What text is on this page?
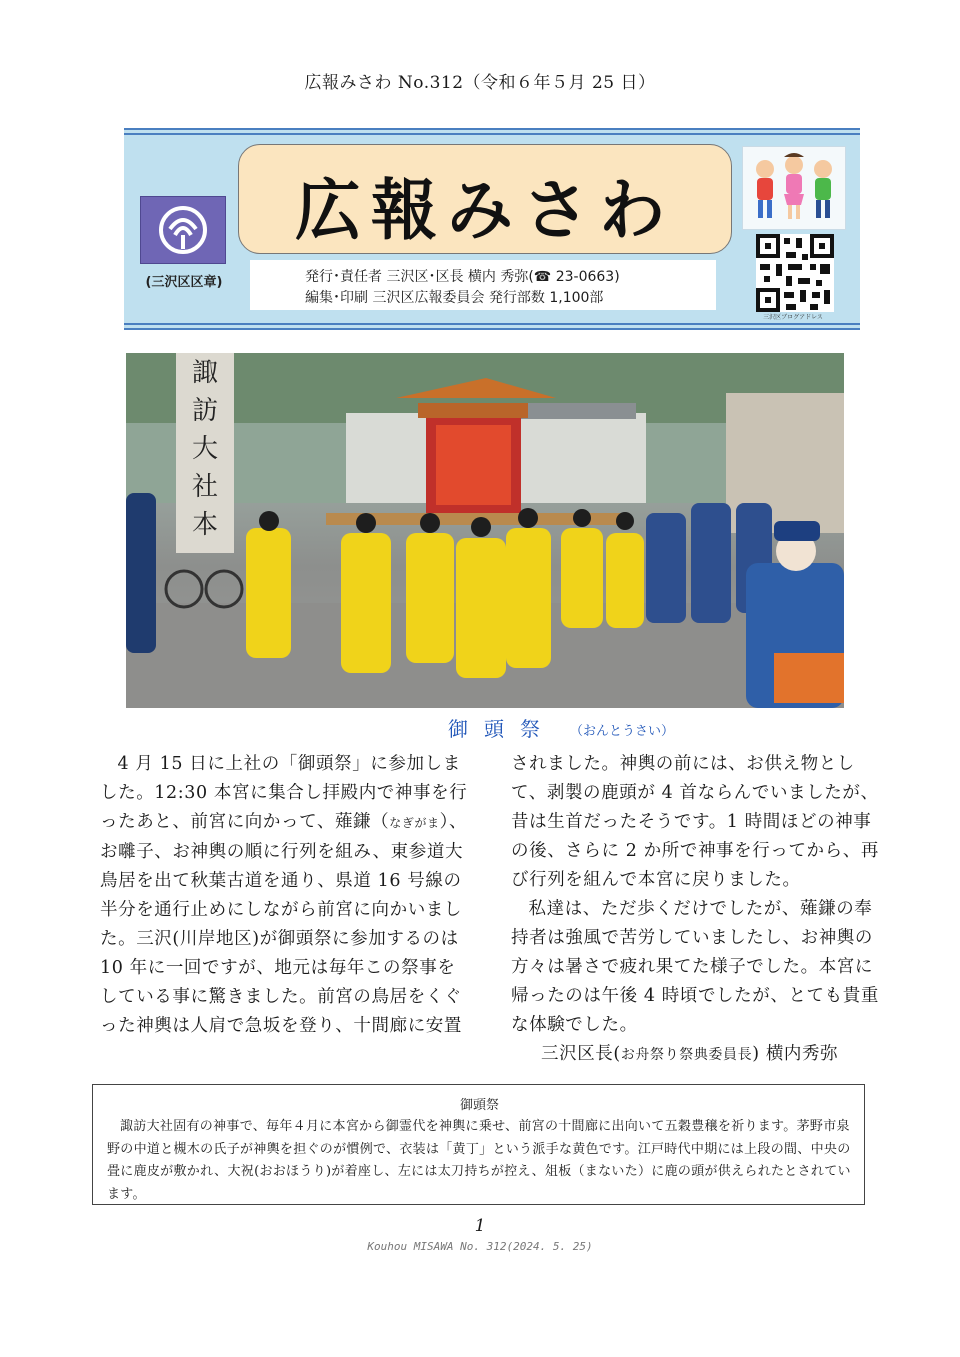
広報みさわ No.312（令和６年５月 25 日）
(三沢区区章)
広報みさわ
発行･責任者 三沢区･区長 横内 秀弥(☎ 23-0663)
編集･印刷 三沢区広報委員会 発行部数 1,100部
三沢区ブログアドレス
諏
訪
大
社
本
御頭祭 （おんとうさい）

4 月 15 日に上社の「御頭祭」に参加しました。12:30 本宮に集合し拝殿内で神事を行ったあと、前宮に向かって、薙鎌（なぎがま）、お囃子、お神輿の順に行列を組み、東参道大鳥居を出て秋葉古道を通り、県道 16 号線の半分を通行止めにしながら前宮に向かいました。三沢(川岸地区)が御頭祭に参加するのは 10 年に一回ですが、地元は毎年この祭事をしている事に驚きました。前宮の鳥居をくぐった神輿は人肩で急坂を登り、十間廊に安置

されました。神輿の前には、お供え物として、剥製の鹿頭が 4 首ならんでいましたが、昔は生首だったそうです。1 時間ほどの神事の後、さらに 2 か所で神事を行ってから、再び行列を組んで本宮に戻りました。

私達は、ただ歩くだけでしたが、薙鎌の奉持者は強風で苦労していましたし、お神輿の方々は暑さで疲れ果てた様子でした。本宮に帰ったのは午後 4 時頃でしたが、とても貴重な体験でした。

三沢区長(お舟祭り祭典委員長) 横内秀弥

御頭祭

諏訪大社固有の神事で、毎年４月に本宮から御霊代を神輿に乗せ、前宮の十間廊に出向いて五穀豊穣を祈ります。茅野市泉野の中道と槻木の氏子が神輿を担ぐのが慣例で、衣装は「黄丁」という派手な黄色です。江戸時代中期には上段の間、中央の畳に鹿皮が敷かれ、大祝(おおほうり)が着座し、左には太刀持ちが控え、俎板（まないた）に鹿の頭が供えられたとされています。

1
Kouhou MISAWA No. 312(2024. 5. 25)
